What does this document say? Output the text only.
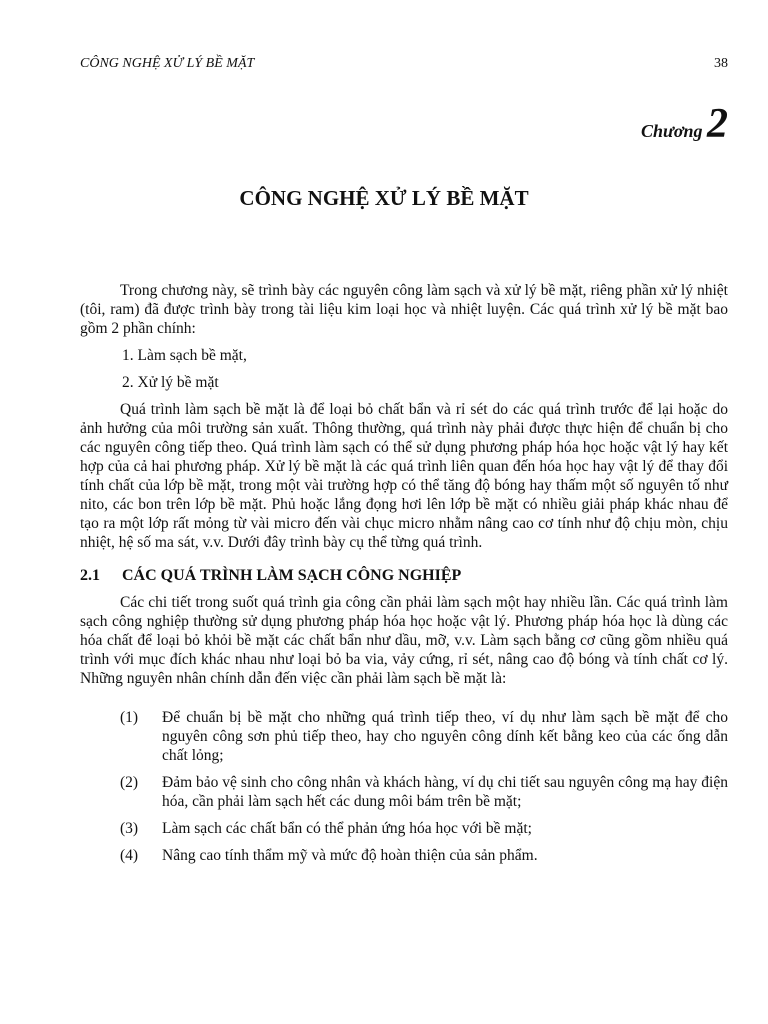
CÔNG NGHỆ XỬ LÝ BỀ MẶT	38
Chương 2
CÔNG NGHỆ XỬ LÝ BỀ MẶT

Trong chương này, sẽ trình bày các nguyên công làm sạch và xử lý bề mặt, riêng phần xử lý nhiệt (tôi, ram) đã được trình bày trong tài liệu kim loại học và nhiệt luyện. Các quá trình xử lý bề mặt bao gồm 2 phần chính:

1. Làm sạch bề mặt,
2. Xử lý bề mặt

Quá trình làm sạch bề mặt là để loại bỏ chất bẩn và rỉ sét do các quá trình trước để lại hoặc do ảnh hưởng của môi trường sản xuất. Thông thường, quá trình này phải được thực hiện để chuẩn bị cho các nguyên công tiếp theo. Quá trình làm sạch có thể sử dụng phương pháp hóa học hoặc vật lý hay kết hợp của cả hai phương pháp. Xử lý bề mặt là các quá trình liên quan đến hóa học hay vật lý để thay đổi tính chất của lớp bề mặt, trong một vài trường hợp có thể tăng độ bóng hay thấm một số nguyên tố như nito, các bon trên lớp bề mặt. Phủ hoặc lắng đọng hơi lên lớp bề mặt có nhiều giải pháp khác nhau để tạo ra một lớp rất mỏng từ vài micro đến vài chục micro nhằm nâng cao cơ tính như độ chịu mòn, chịu nhiệt, hệ số ma sát, v.v. Dưới đây trình bày cụ thể từng quá trình.

2.1 CÁC QUÁ TRÌNH LÀM SẠCH CÔNG NGHIỆP

Các chi tiết trong suốt quá trình gia công cần phải làm sạch một hay nhiều lần. Các quá trình làm sạch công nghiệp thường sử dụng phương pháp hóa học hoặc vật lý. Phương pháp hóa học là dùng các hóa chất để loại bỏ khỏi bề mặt các chất bẩn như dầu, mỡ, v.v. Làm sạch bằng cơ cũng gồm nhiều quá trình với mục đích khác nhau như loại bỏ ba via, vảy cứng, rỉ sét, nâng cao độ bóng và tính chất cơ lý. Những nguyên nhân chính dẫn đến việc cần phải làm sạch bề mặt là:

(1)	Để chuẩn bị bề mặt cho những quá trình tiếp theo, ví dụ như làm sạch bề mặt để cho nguyên công sơn phủ tiếp theo, hay cho nguyên công dính kết bằng keo của các ống dẫn chất lỏng;
(2)	Đảm bảo vệ sinh cho công nhân và khách hàng, ví dụ chi tiết sau nguyên công mạ hay điện hóa, cần phải làm sạch hết các dung môi bám trên bề mặt;
(3)	Làm sạch các chất bẩn có thể phản ứng hóa học với bề mặt;
(4)	Nâng cao tính thẩm mỹ và mức độ hoàn thiện của sản phẩm.
